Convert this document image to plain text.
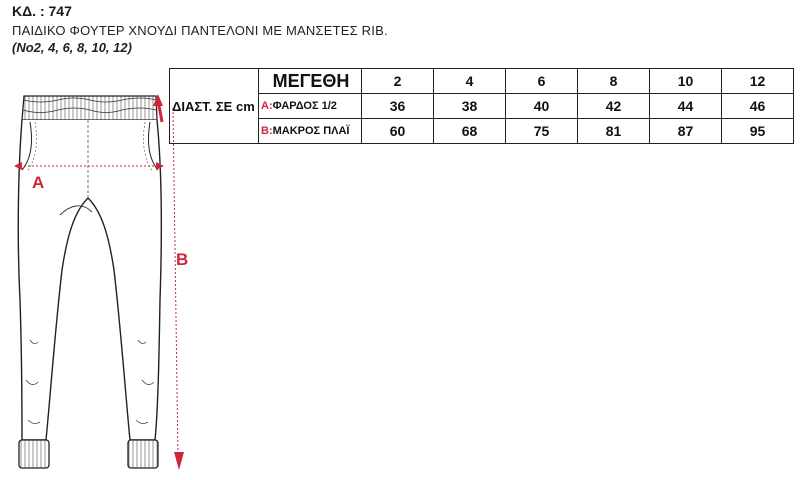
ΚΔ. : 747
ΠΑΙΔΙΚΟ ΦΟΥΤΕΡ ΧΝΟΥΔΙ ΠΑΝΤΕΛΟΝΙ ΜΕ ΜΑΝΣΕΤΕΣ RIB.
(No2, 4, 6, 8, 10, 12)
A
B
	ΜΕΓΕΘΗ	2	4	6	8	10	12
ΔΙΑΣΤ. ΣΕ cm	A:ΦΑΡΔΟΣ 1/2	36	38	40	42	44	46
	B:ΜΑΚΡΟΣ ΠΛΑΪ	60	68	75	81	87	95
